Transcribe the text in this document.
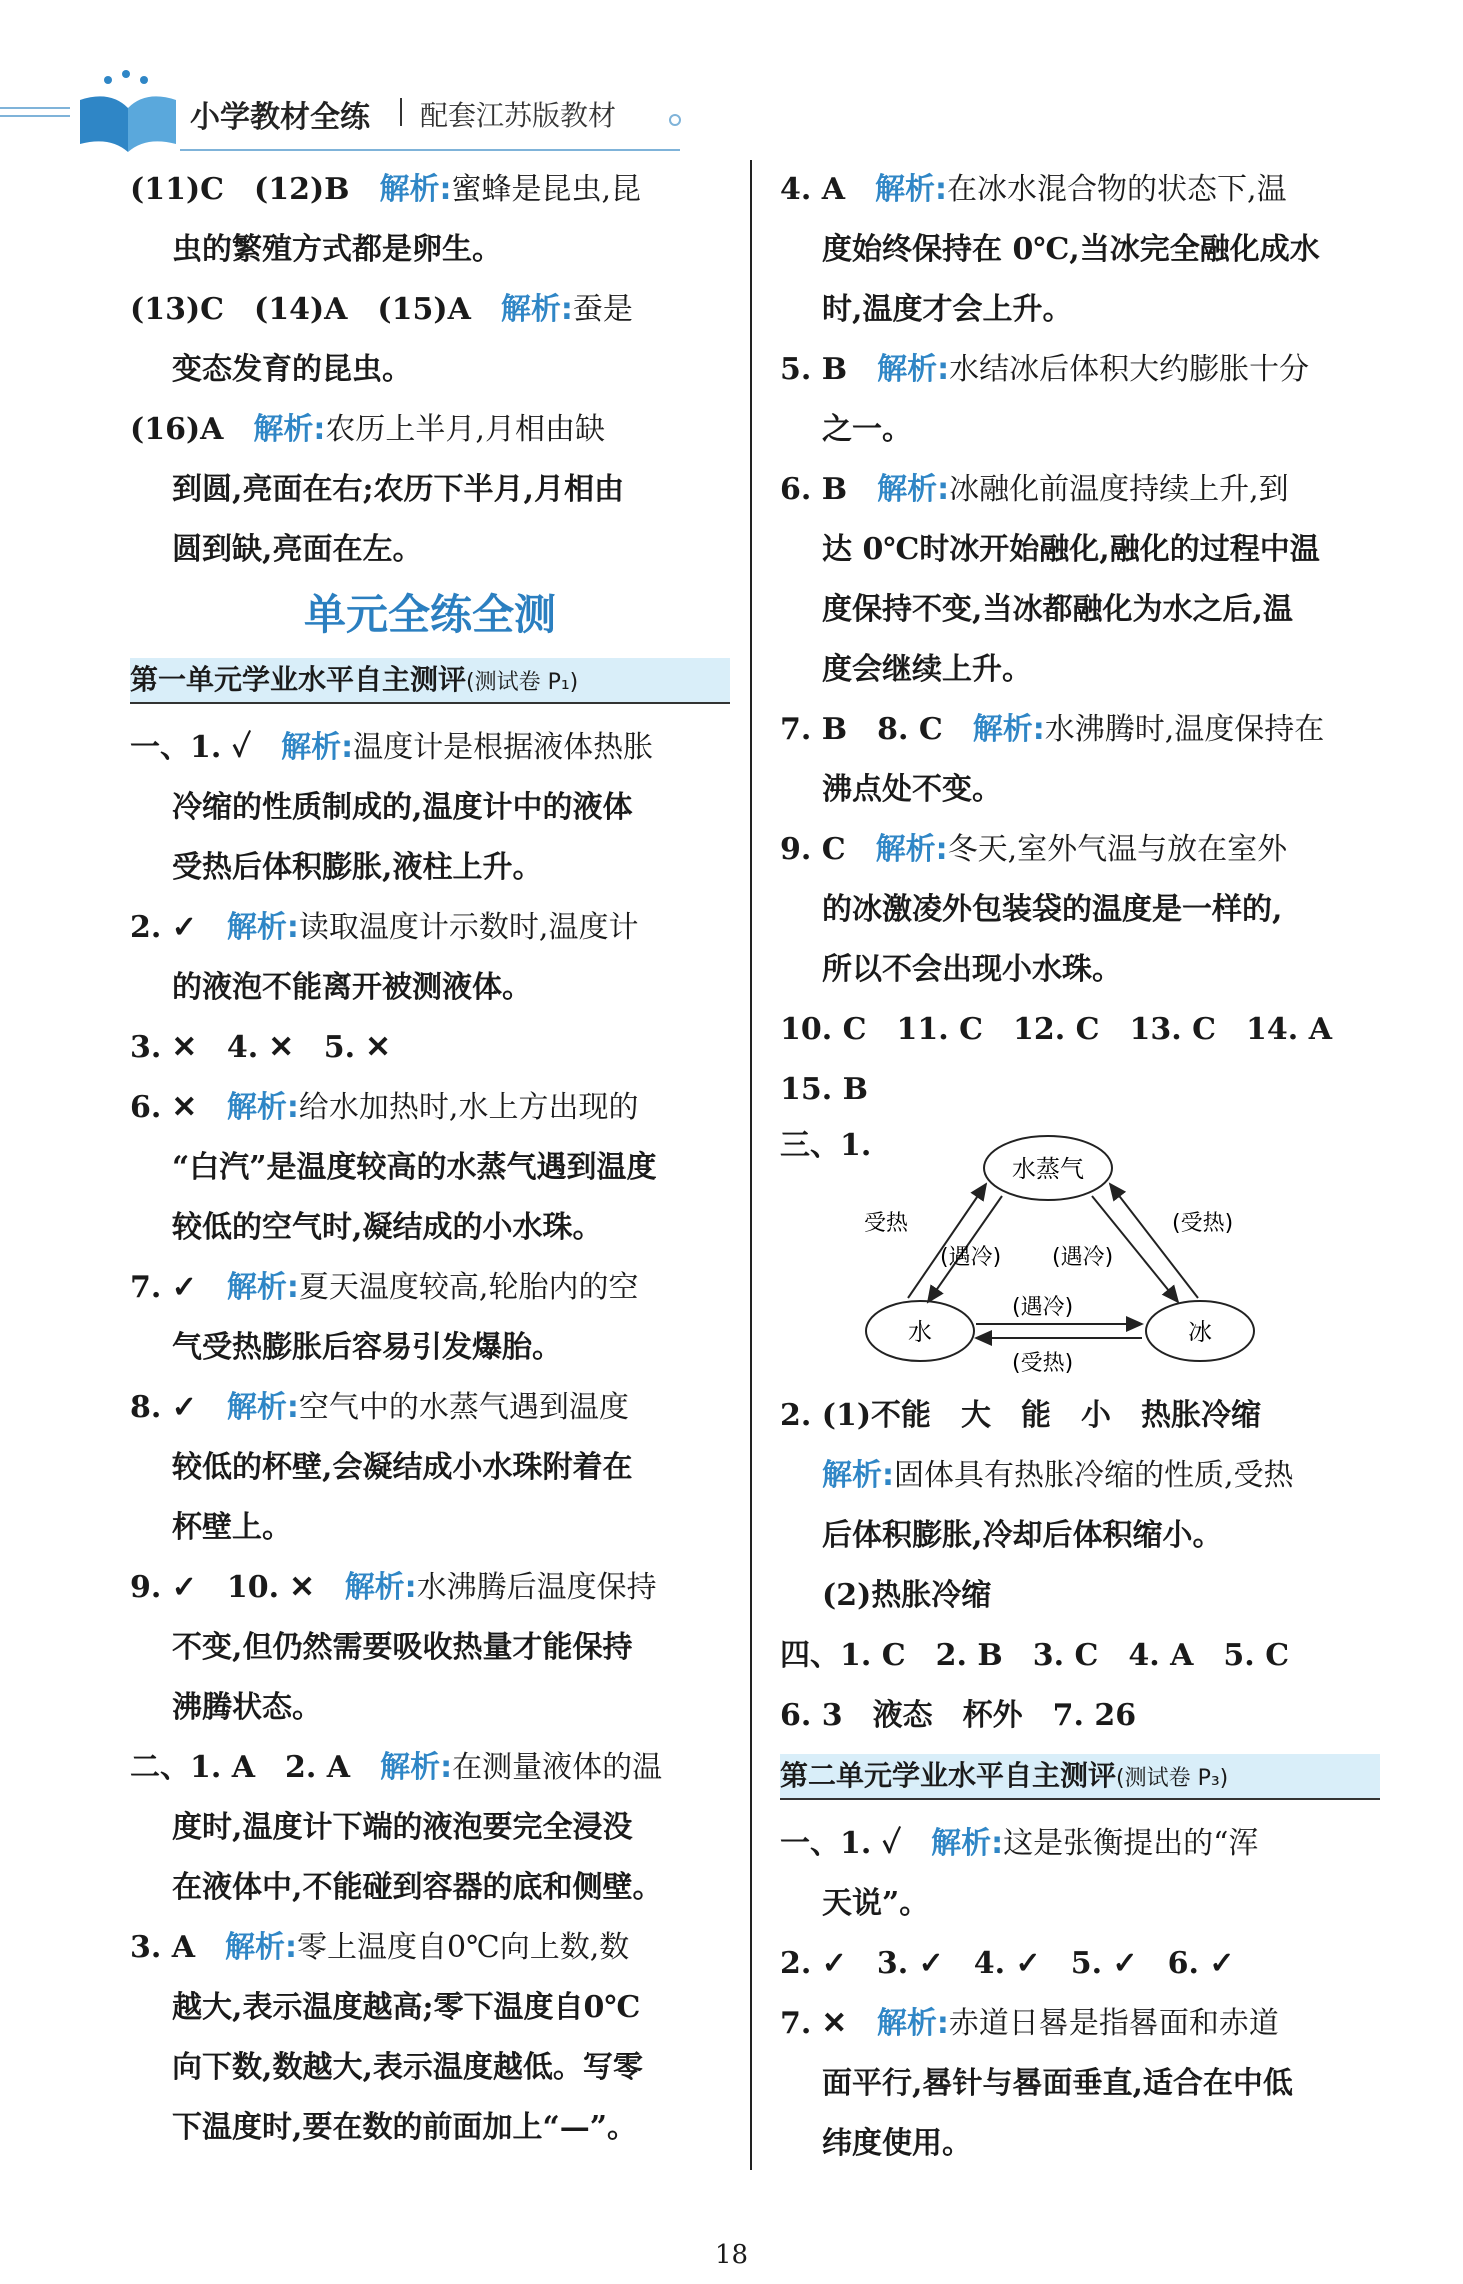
小学教材全练 配套江苏版教材
(11)C　(12)B　解析:蜜蜂是昆虫,昆
虫的繁殖方式都是卵生。
(13)C　(14)A　(15)A　解析:蚕是
变态发育的昆虫。
(16)A　解析:农历上半月,月相由缺
到圆,亮面在右;农历下半月,月相由
圆到缺,亮面在左。
单元全练全测
第一单元学业水平自主测评(测试卷 P₁)
一、1. ✓　解析:温度计是根据液体热胀
冷缩的性质制成的,温度计中的液体
受热后体积膨胀,液柱上升。
2. ✓　解析:读取温度计示数时,温度计
的液泡不能离开被测液体。
3. ✕　4. ✕　5. ✕
6. ✕　解析:给水加热时,水上方出现的
“白汽”是温度较高的水蒸气遇到温度
较低的空气时,凝结成的小水珠。
7. ✓　解析:夏天温度较高,轮胎内的空
气受热膨胀后容易引发爆胎。
8. ✓　解析:空气中的水蒸气遇到温度
较低的杯壁,会凝结成小水珠附着在
杯壁上。
9. ✓　10. ✕　解析:水沸腾后温度保持
不变,但仍然需要吸收热量才能保持
沸腾状态。
二、1. A　2. A　解析:在测量液体的温
度时,温度计下端的液泡要完全浸没
在液体中,不能碰到容器的底和侧壁。
3. A　解析:零上温度自0℃向上数,数
越大,表示温度越高;零下温度自0℃
向下数,数越大,表示温度越低。写零
下温度时,要在数的前面加上“—”。
4. A　解析:在冰水混合物的状态下,温
度始终保持在 0℃,当冰完全融化成水
时,温度才会上升。
5. B　解析:水结冰后体积大约膨胀十分
之一。
6. B　解析:冰融化前温度持续上升,到
达 0℃时冰开始融化,融化的过程中温
度保持不变,当冰都融化为水之后,温
度会继续上升。
7. B　8. C　解析:水沸腾时,温度保持在
沸点处不变。
9. C　解析:冬天,室外气温与放在室外
的冰激凌外包装袋的温度是一样的,
所以不会出现小水珠。
10. C　11. C　12. C　13. C　14. A
15. B
三、1.
水蒸气
水	冰
受热
(遇冷) (遇冷)
(受热)
(遇冷)
(受热)
2. (1)不能　大　能　小　热胀冷缩
解析:固体具有热胀冷缩的性质,受热
后体积膨胀,冷却后体积缩小。
(2)热胀冷缩
四、1. C　2. B　3. C　4. A　5. C
6. 3　液态　杯外　7. 26
第二单元学业水平自主测评(测试卷 P₃)
一、1. ✓　解析:这是张衡提出的“浑
天说”。
2. ✓　3. ✓　4. ✓　5. ✓　6. ✓
7. ✕　解析:赤道日晷是指晷面和赤道
面平行,晷针与晷面垂直,适合在中低
纬度使用。
18
